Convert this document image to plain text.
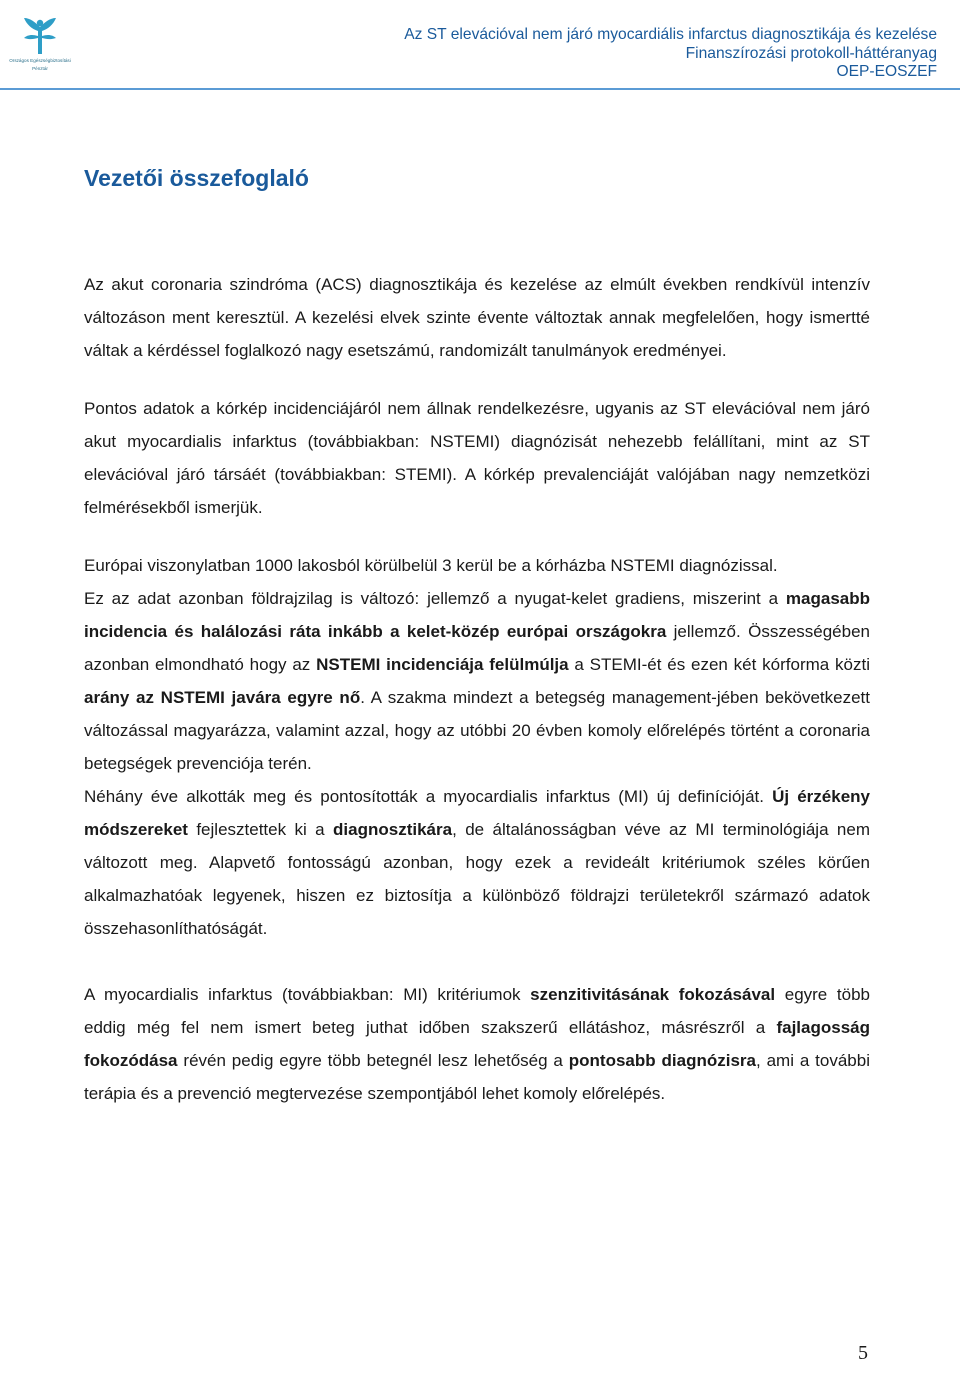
Országos Egészségbiztosítási
Pénztár
Az ST elevációval nem járó myocardiális infarctus diagnosztikája és kezelése
Finanszírozási protokoll-háttéranyag
OEP-EOSZEF
Vezetői összefoglaló

Az akut coronaria szindróma (ACS) diagnosztikája és kezelése az elmúlt években rendkívül intenzív változáson ment keresztül. A kezelési elvek szinte évente változtak annak megfelelően, hogy ismertté váltak a kérdéssel foglalkozó nagy esetszámú, randomizált tanulmányok eredményei.

Pontos adatok a kórkép incidenciájáról nem állnak rendelkezésre, ugyanis az ST elevációval nem járó akut myocardialis infarktus (továbbiakban: NSTEMI) diagnózisát nehezebb felállítani, mint az ST elevációval járó társáét (továbbiakban: STEMI). A kórkép prevalenciáját valójában nagy nemzetközi felmérésekből ismerjük.

Európai viszonylatban 1000 lakosból körülbelül 3 kerül be a kórházba NSTEMI diagnózissal.

Ez az adat azonban földrajzilag is változó: jellemző a nyugat-kelet gradiens, miszerint a magasabb incidencia és halálozási ráta inkább a kelet-közép európai országokra jellemző. Összességében azonban elmondható hogy az NSTEMI incidenciája felülmúlja a STEMI-ét és ezen két kórforma közti arány az NSTEMI javára egyre nő. A szakma mindezt a betegség management-jében bekövetkezett változással magyarázza, valamint azzal, hogy az utóbbi 20 évben komoly előrelépés történt a coronaria betegségek prevenciója terén.

Néhány éve alkották meg és pontosították a myocardialis infarktus (MI) új definícióját. Új érzékeny módszereket fejlesztettek ki a diagnosztikára, de általánosságban véve az MI terminológiája nem változott meg. Alapvető fontosságú azonban, hogy ezek a revideált kritériumok széles körűen alkalmazhatóak legyenek, hiszen ez biztosítja a különböző földrajzi területekről származó adatok összehasonlíthatóságát.

A myocardialis infarktus (továbbiakban: MI) kritériumok szenzitivitásának fokozásával egyre több eddig még fel nem ismert beteg juthat időben szakszerű ellátáshoz, másrészről a fajlagosság fokozódása révén pedig egyre több betegnél lesz lehetőség a pontosabb diagnózisra, ami a további terápia és a prevenció megtervezése szempontjából lehet komoly előrelépés.

5
